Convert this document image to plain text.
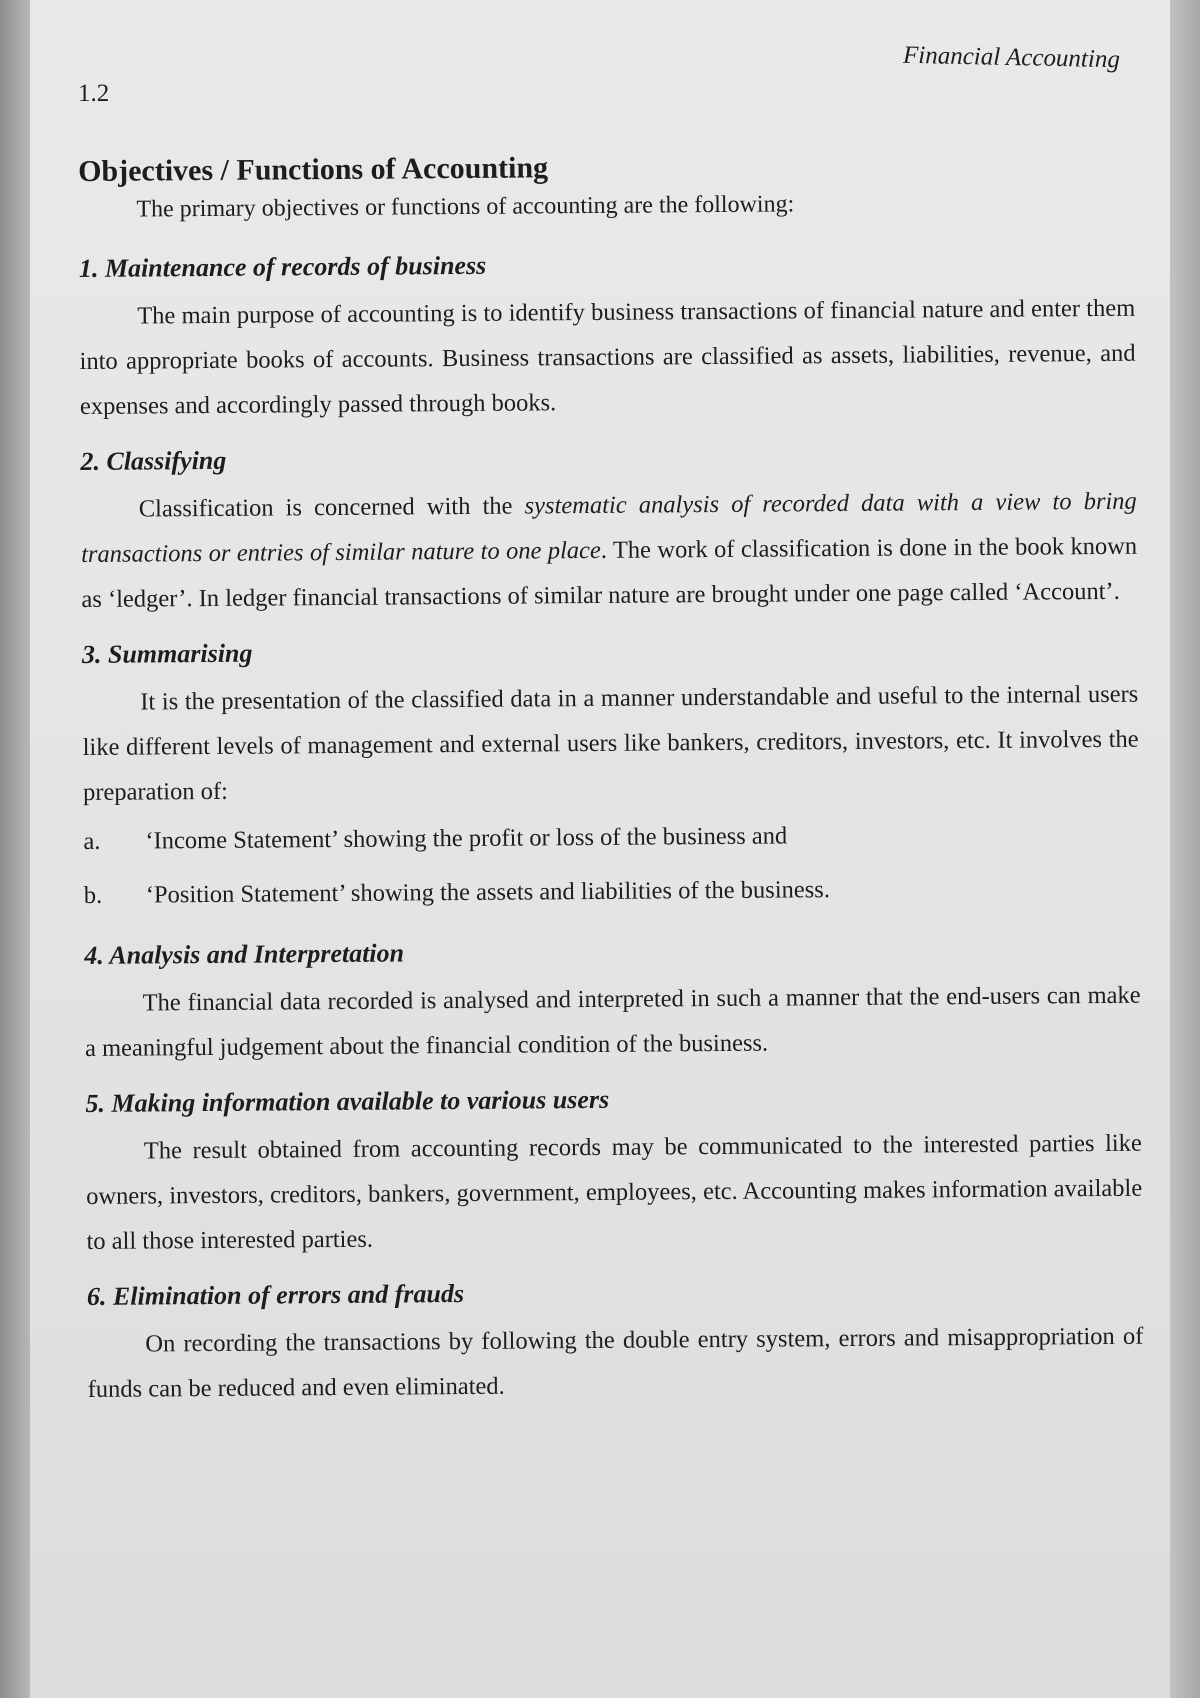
Financial Accounting
1.2
Objectives / Functions of Accounting

The primary objectives or functions of accounting are the following:

1. Maintenance of records of business

The main purpose of accounting is to identify business transactions of financial nature and enter them into appropriate books of accounts. Business transactions are classified as assets, liabilities, revenue, and expenses and accordingly passed through books.

2. Classifying

Classification is concerned with the systematic analysis of recorded data with a view to bring transactions or entries of similar nature to one place. The work of classification is done in the book known as ‘ledger’. In ledger financial transactions of similar nature are brought under one page called ‘Account’.

3. Summarising

It is the presentation of the classified data in a manner understandable and useful to the internal users like different levels of management and external users like bankers, creditors, investors, etc. It involves the preparation of:

a.	‘Income Statement’ showing the profit or loss of the business and
b.	‘Position Statement’ showing the assets and liabilities of the business.
4. Analysis and Interpretation

The financial data recorded is analysed and interpreted in such a manner that the end-users can make a meaningful judgement about the financial condition of the business.

5. Making information available to various users

The result obtained from accounting records may be communicated to the interested parties like owners, investors, creditors, bankers, government, employees, etc. Accounting makes information available to all those interested parties.

6. Elimination of errors and frauds

On recording the transactions by following the double entry system, errors and misappropriation of funds can be reduced and even eliminated.
